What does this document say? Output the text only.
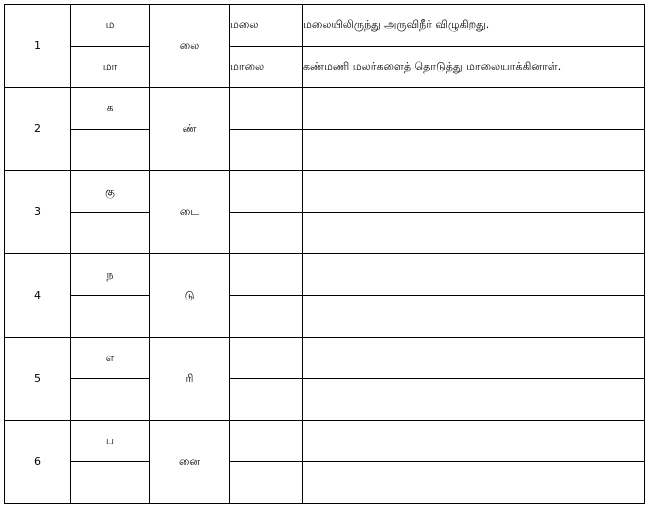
1	ம	லை	மலை	மலையிலிருந்து அருவிநீர் விழுகிறது.
	மா		மாலை	கண்மணி மலர்களைத் தொடுத்து மாலையாக்கினாள்.
2	க	ண்		

3	கு	டை		

4	ந	டு		

5	எ	ரி		

6	ப	னை		
